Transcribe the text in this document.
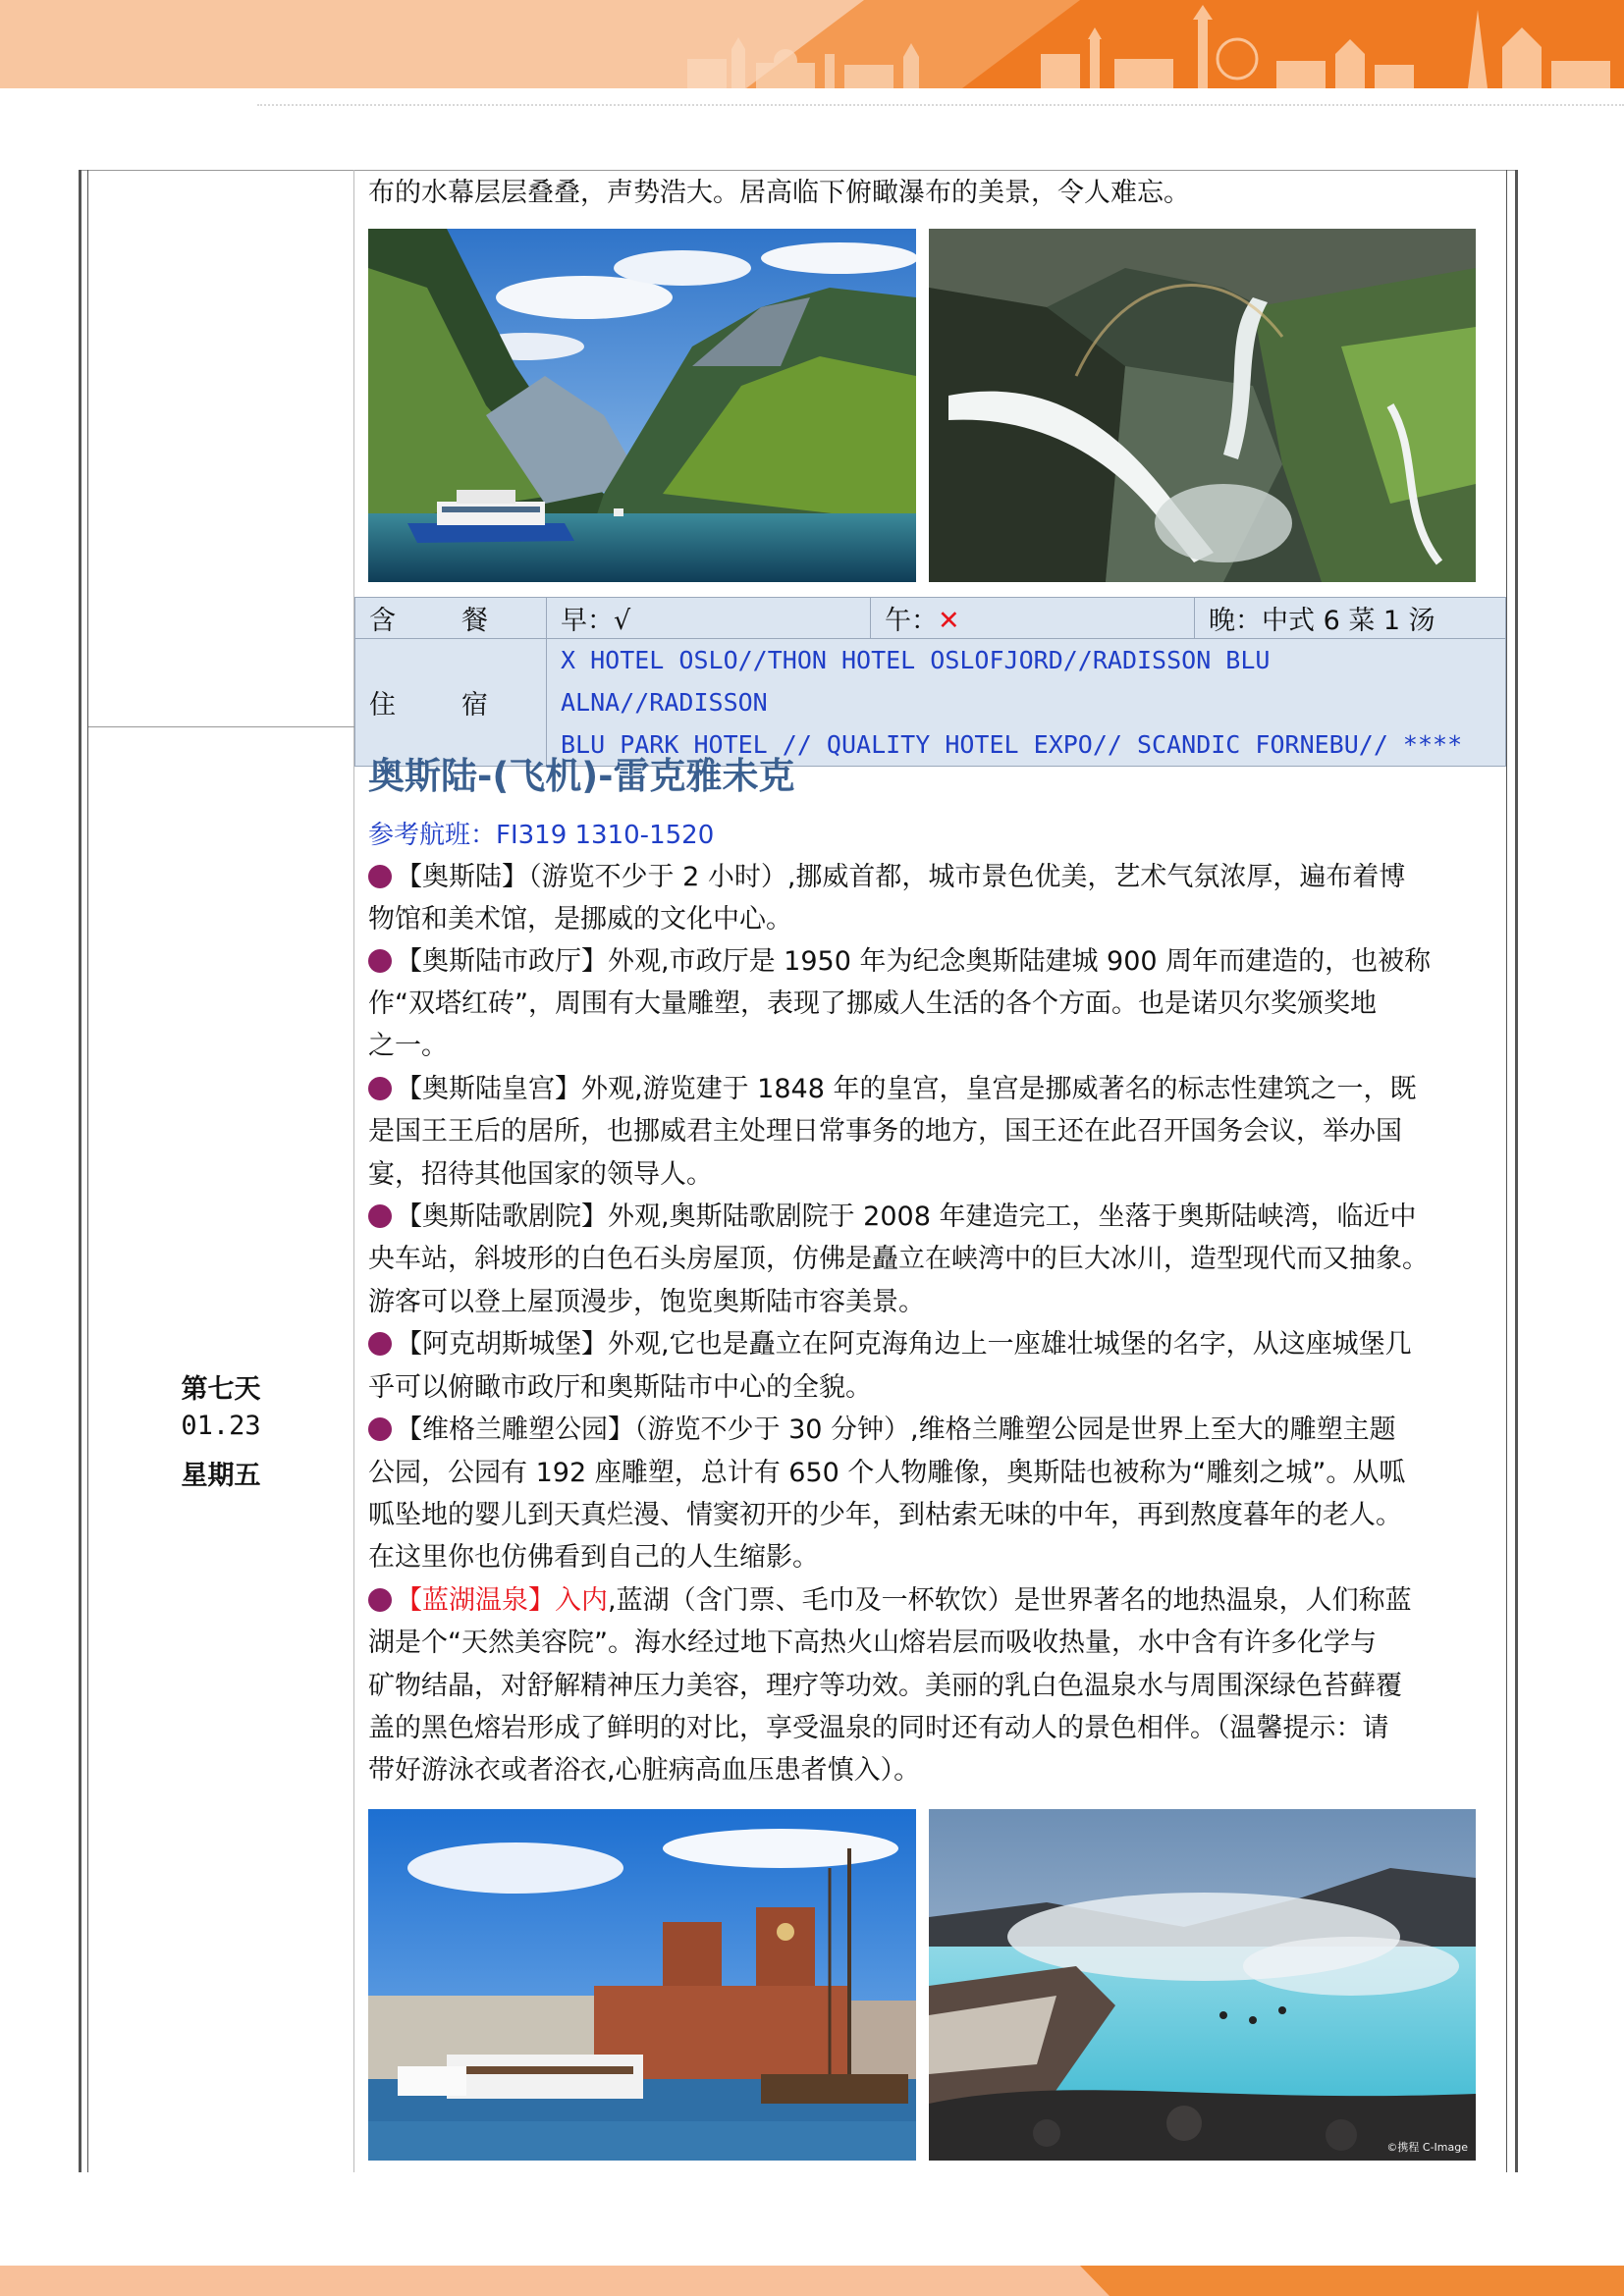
布的水幕层层叠叠，声势浩大。居高临下俯瞰瀑布的美景，令人难忘。
含　餐	早：√	午：✕	晚：中式 6 菜 1 汤
住　宿	X HOTEL OSLO//THON HOTEL OSLOFJORD//RADISSON BLU ALNA//RADISSON
BLU PARK HOTEL // QUALITY HOTEL EXPO// SCANDIC FORNEBU// ****		
奥斯陆-(飞机)-雷克雅未克
参考航班：FI319 1310-1520
第七天
01.23
星期五
【奥斯陆】（游览不少于 2 小时）,挪威首都，城市景色优美，艺术气氛浓厚，遍布着博
物馆和美术馆，是挪威的文化中心。
【奥斯陆市政厅】外观,市政厅是 1950 年为纪念奥斯陆建城 900 周年而建造的，也被称
作“双塔红砖”，周围有大量雕塑，表现了挪威人生活的各个方面。也是诺贝尔奖颁奖地
之一。
【奥斯陆皇宫】外观,游览建于 1848 年的皇宫，皇宫是挪威著名的标志性建筑之一，既
是国王王后的居所，也挪威君主处理日常事务的地方，国王还在此召开国务会议，举办国
宴，招待其他国家的领导人。
【奥斯陆歌剧院】外观,奥斯陆歌剧院于 2008 年建造完工，坐落于奥斯陆峡湾，临近中
央车站，斜坡形的白色石头房屋顶，仿佛是矗立在峡湾中的巨大冰川，造型现代而又抽象。
游客可以登上屋顶漫步，饱览奥斯陆市容美景。
【阿克胡斯城堡】外观,它也是矗立在阿克海角边上一座雄壮城堡的名字，从这座城堡几
乎可以俯瞰市政厅和奥斯陆市中心的全貌。
【维格兰雕塑公园】（游览不少于 30 分钟）,维格兰雕塑公园是世界上至大的雕塑主题
公园，公园有 192 座雕塑，总计有 650 个人物雕像，奥斯陆也被称为“雕刻之城”。从呱
呱坠地的婴儿到天真烂漫、情窦初开的少年，到枯索无味的中年，再到熬度暮年的老人。
在这里你也仿佛看到自己的人生缩影。
【蓝湖温泉】入内,蓝湖（含门票、毛巾及一杯软饮）是世界著名的地热温泉，人们称蓝
湖是个“天然美容院”。海水经过地下高热火山熔岩层而吸收热量，水中含有许多化学与
矿物结晶，对舒解精神压力美容，理疗等功效。美丽的乳白色温泉水与周围深绿色苔藓覆
盖的黑色熔岩形成了鲜明的对比，享受温泉的同时还有动人的景色相伴。（温馨提示：请
带好游泳衣或者浴衣,心脏病高血压患者慎入）。
©携程 C-Image
